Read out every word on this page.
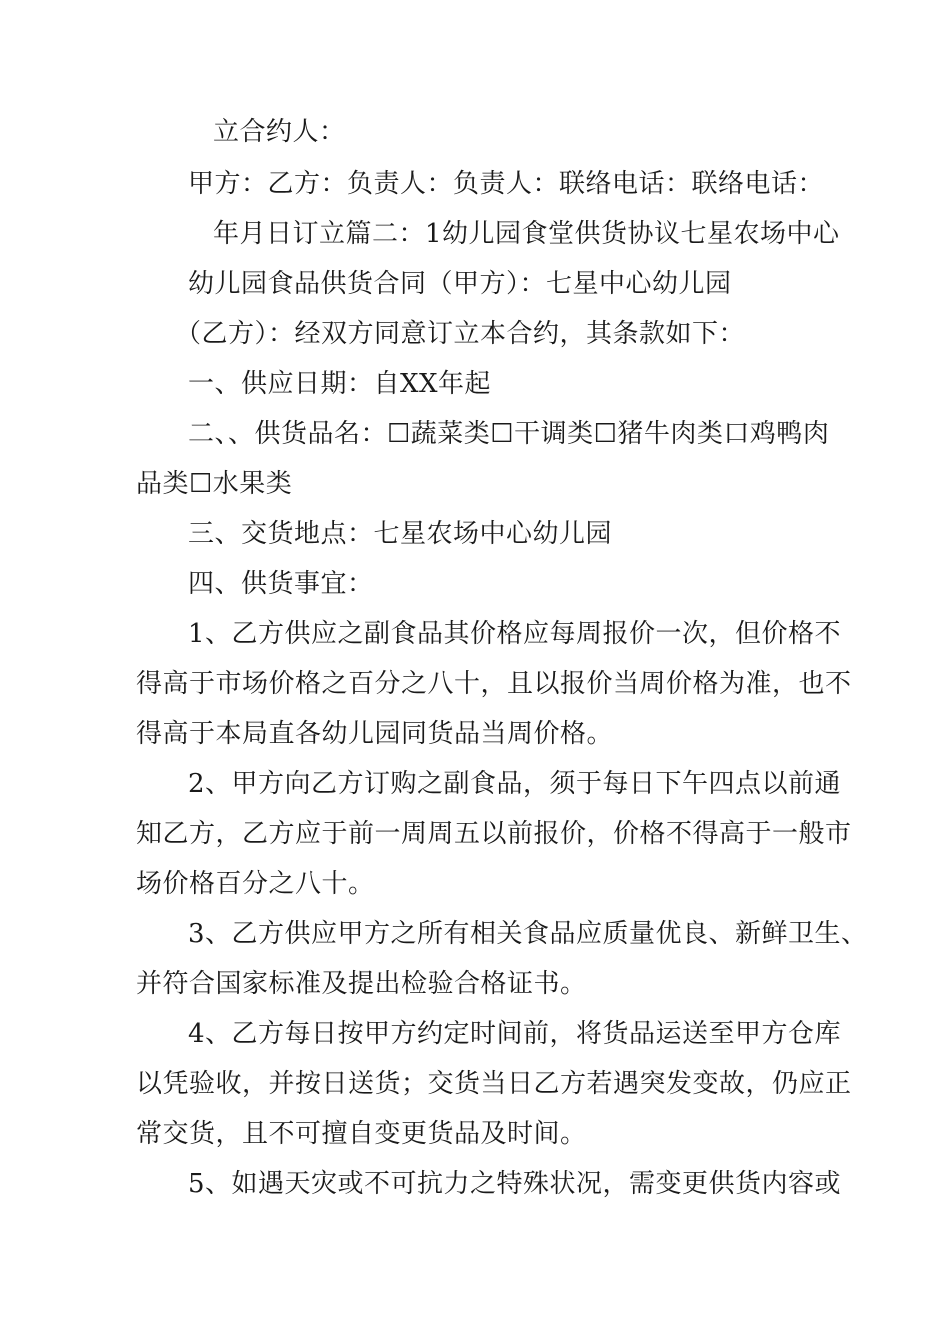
立合约人：
甲方：乙方：负责人：负责人：联络电话：联络电话：
年月日订立篇二：1幼儿园食堂供货协议七星农场中心
幼儿园食品供货合同（甲方）：七星中心幼儿园
（乙方）：经双方同意订立本合约，其条款如下：
一、供应日期：自XX年起
二、、供货品名：☐蔬菜类☐干调类☐猪牛肉类口鸡鸭肉
品类☐水果类
三、交货地点：七星农场中心幼儿园
四、供货事宜：
1、乙方供应之副食品其价格应每周报价一次，但价格不
得高于市场价格之百分之八十，且以报价当周价格为准，也不
得高于本局直各幼儿园同货品当周价格。
2、甲方向乙方订购之副食品，须于每日下午四点以前通
知乙方，乙方应于前一周周五以前报价，价格不得高于一般市
场价格百分之八十。
3、乙方供应甲方之所有相关食品应质量优良、新鲜卫生、
并符合国家标准及提出检验合格证书。
4、乙方每日按甲方约定时间前，将货品运送至甲方仓库
以凭验收，并按日送货；交货当日乙方若遇突发变故，仍应正
常交货，且不可擅自变更货品及时间。
5、如遇天灾或不可抗力之特殊状况，需变更供货内容或
